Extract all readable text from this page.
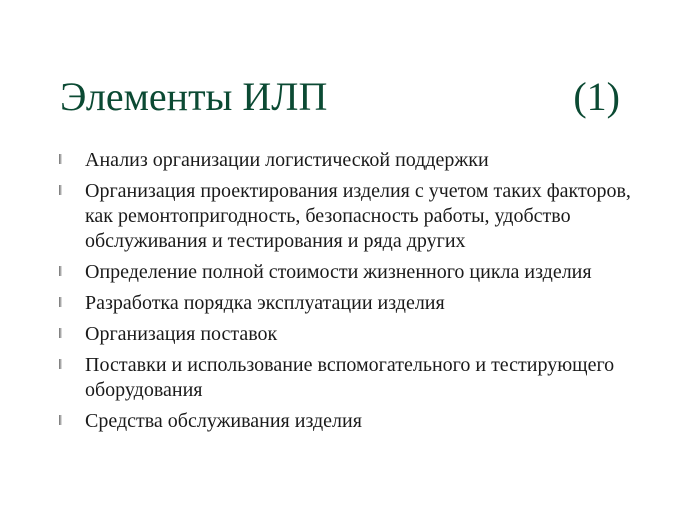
Элементы ИЛП	(1)
ǁ	Анализ организации логистической поддержки
ǁ	Организация проектирования изделия с учетом таких факторов, как ремонтопригодность, безопасность работы, удобство обслуживания и тестирования и ряда других
ǁ	Определение полной стоимости жизненного цикла изделия
ǁ	Разработка порядка эксплуатации изделия
ǁ	Организация поставок
ǁ	Поставки и использование вспомогательного и тестирующего оборудования
ǁ	Средства обслуживания изделия
